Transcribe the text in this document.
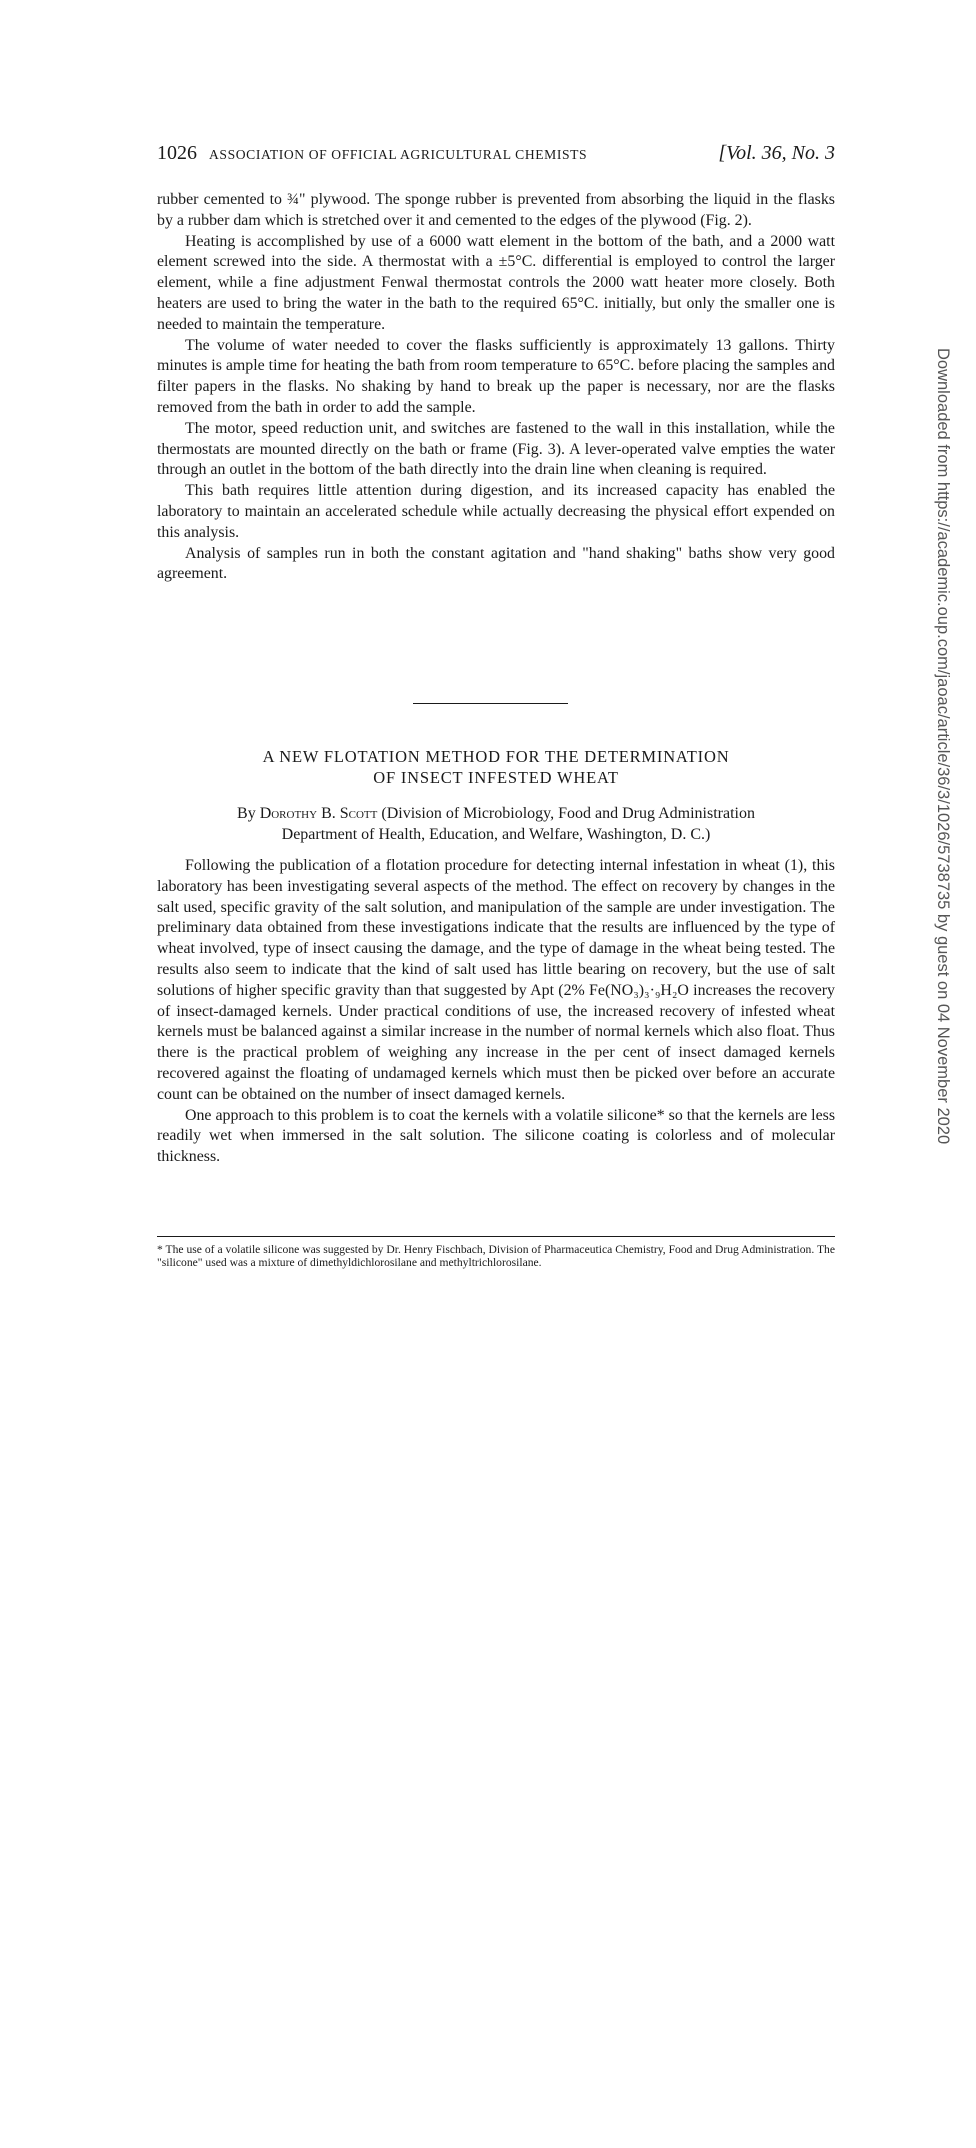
1026 ASSOCIATION OF OFFICIAL AGRICULTURAL CHEMISTS	[Vol. 36, No. 3

rubber cemented to ¾" plywood. The sponge rubber is prevented from absorbing the liquid in the flasks by a rubber dam which is stretched over it and cemented to the edges of the plywood (Fig. 2).

Heating is accomplished by use of a 6000 watt element in the bottom of the bath, and a 2000 watt element screwed into the side. A thermostat with a ±5°C. differential is employed to control the larger element, while a fine adjustment Fenwal thermostat controls the 2000 watt heater more closely. Both heaters are used to bring the water in the bath to the required 65°C. initially, but only the smaller one is needed to maintain the temperature.

The volume of water needed to cover the flasks sufficiently is approximately 13 gallons. Thirty minutes is ample time for heating the bath from room temperature to 65°C. before placing the samples and filter papers in the flasks. No shaking by hand to break up the paper is necessary, nor are the flasks removed from the bath in order to add the sample.

The motor, speed reduction unit, and switches are fastened to the wall in this installation, while the thermostats are mounted directly on the bath or frame (Fig. 3). A lever-operated valve empties the water through an outlet in the bottom of the bath directly into the drain line when cleaning is required.

This bath requires little attention during digestion, and its increased capacity has enabled the laboratory to maintain an accelerated schedule while actually decreasing the physical effort expended on this analysis.

Analysis of samples run in both the constant agitation and "hand shaking" baths show very good agreement.

A NEW FLOTATION METHOD FOR THE DETERMINATION
OF INSECT INFESTED WHEAT
By Dorothy B. Scott (Division of Microbiology, Food and Drug Administration
Department of Health, Education, and Welfare, Washington, D. C.)

Following the publication of a flotation procedure for detecting internal infestation in wheat (1), this laboratory has been investigating several aspects of the method. The effect on recovery by changes in the salt used, specific gravity of the salt solution, and manipulation of the sample are under investigation. The preliminary data obtained from these investigations indicate that the results are influenced by the type of wheat involved, type of insect causing the damage, and the type of damage in the wheat being tested. The results also seem to indicate that the kind of salt used has little bearing on recovery, but the use of salt solutions of higher specific gravity than that suggested by Apt (2% Fe(NO₃)₃·₉H₂O increases the recovery of insect-damaged kernels. Under practical conditions of use, the increased recovery of infested wheat kernels must be balanced against a similar increase in the number of normal kernels which also float. Thus there is the practical problem of weighing any increase in the per cent of insect damaged kernels recovered against the floating of undamaged kernels which must then be picked over before an accurate count can be obtained on the number of insect damaged kernels.

One approach to this problem is to coat the kernels with a volatile silicone* so that the kernels are less readily wet when immersed in the salt solution. The silicone coating is colorless and of molecular thickness.

* The use of a volatile silicone was suggested by Dr. Henry Fischbach, Division of Pharmaceutica Chemistry, Food and Drug Administration. The "silicone" used was a mixture of dimethyldichlorosilane and methyltrichlorosilane.
Downloaded from https://academic.oup.com/jaoac/article/36/3/1026/5738735 by guest on 04 November 2020
